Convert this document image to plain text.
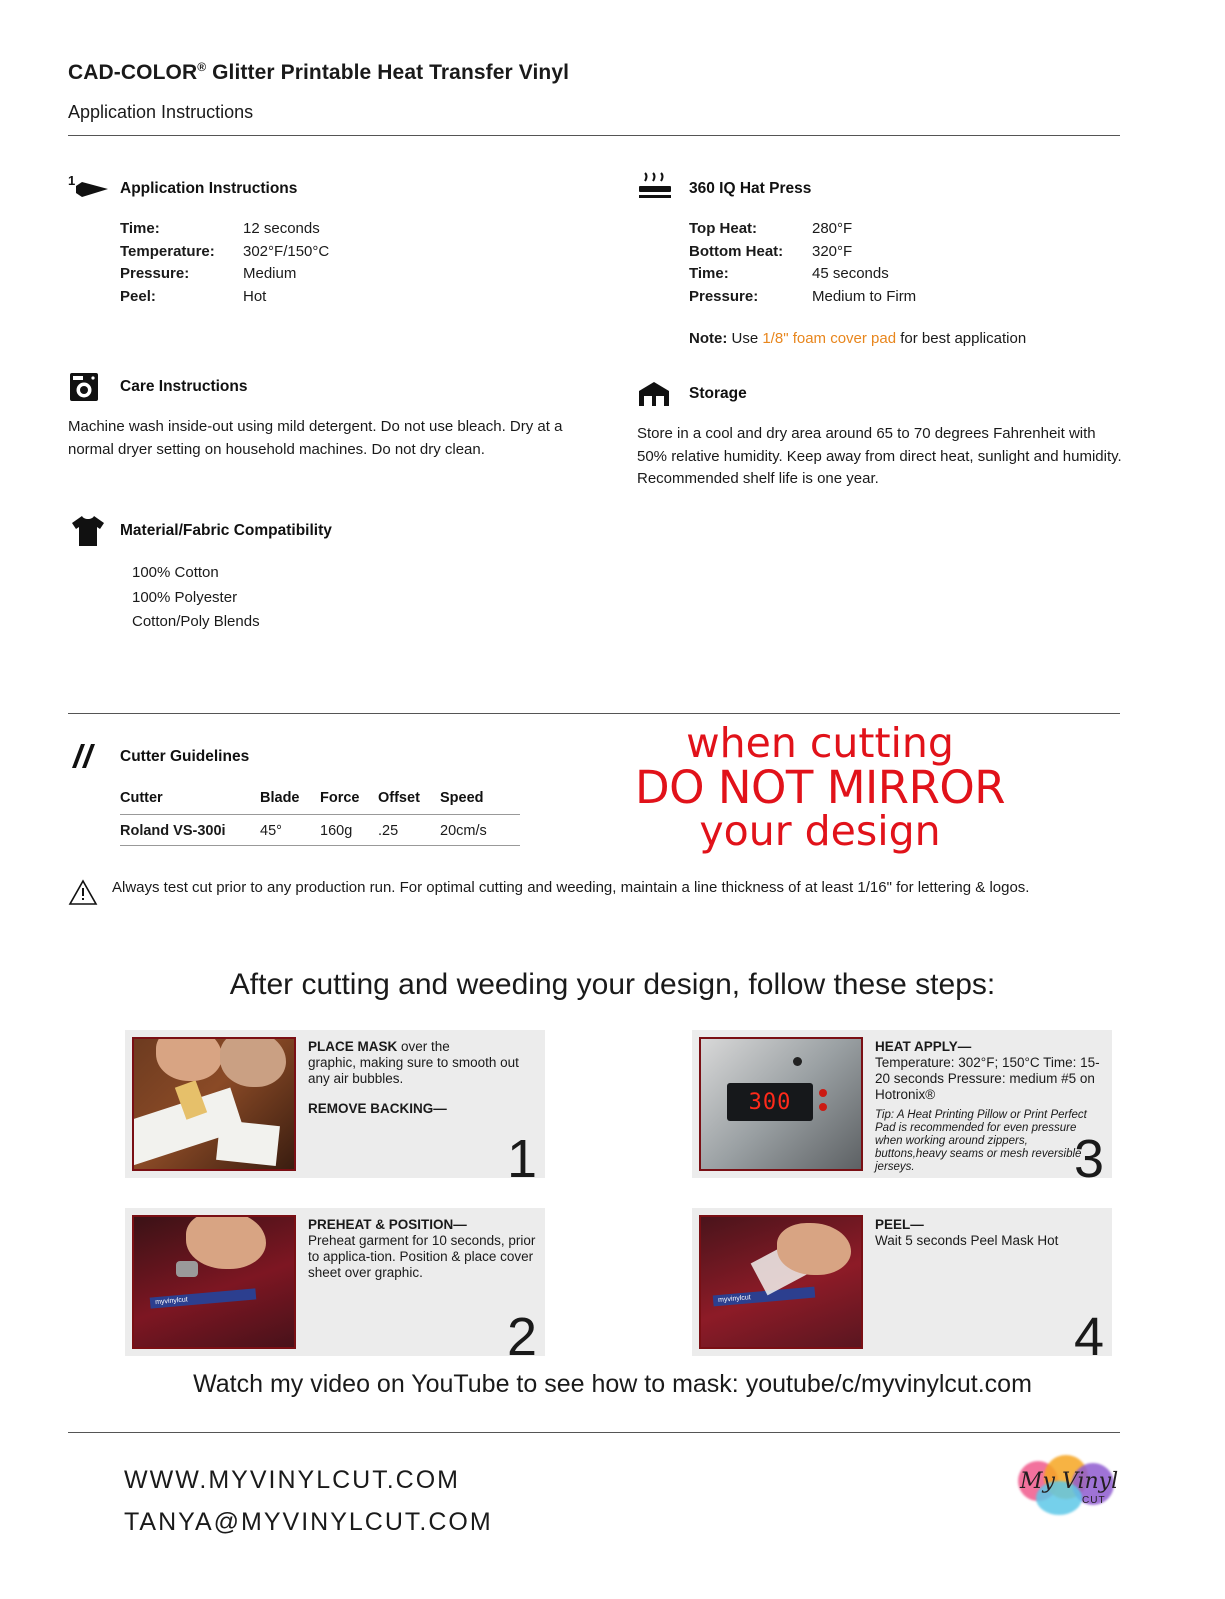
CAD-COLOR® Glitter Printable Heat Transfer Vinyl
Application Instructions
1	Application Instructions
Time:	12 seconds
Temperature:	302°F/150°C
Pressure:	Medium
Peel:	Hot
Care Instructions
Machine wash inside-out using mild detergent. Do not use bleach. Dry at a normal dryer setting on household machines. Do not dry clean.
Material/Fabric Compatibility
100% Cotton
100% Polyester
Cotton/Poly Blends
360 IQ Hat Press
Top Heat:	280°F
Bottom Heat:	320°F
Time:	45 seconds
Pressure:	Medium to Firm
Note: Use 1/8" foam cover pad for best application
Storage
Store in a cool and dry area around 65 to 70 degrees Fahrenheit with 50% relative humidity. Keep away from direct heat, sunlight and humidity. Recommended shelf life is one year.
Cutter Guidelines
Cutter	Blade	Force	Offset	Speed
Roland VS-300i	45°	160g	.25	20cm/s
when cutting
DO NOT MIRROR
your design
Always test cut prior to any production run. For optimal cutting and weeding, maintain a line thickness of at least 1/16" for lettering & logos.
After cutting and weeding your design, follow these steps:
PLACE MASK over the
graphic, making sure to smooth out any air bubbles.
REMOVE BACKING—
1
300
HEAT APPLY—
Temperature: 302°F; 150°C Time: 15-20 seconds Pressure: medium #5 on Hotronix®
Tip: A Heat Printing Pillow or Print Perfect Pad is recommended for even pressure when working around zippers, buttons,heavy seams or mesh reversible jerseys.	3
myvinylcut
PREHEAT & POSITION—
Preheat garment for 10 seconds, prior to applica-tion. Position & place cover sheet over graphic.
2
myvinylcut
PEEL—
Wait 5 seconds Peel Mask Hot
4
Watch my video on YouTube to see how to mask: youtube/c/myvinylcut.com
WWW.MYVINYLCUT.COM
TANYA@MYVINYLCUT.COM
My Vinyl
CUT
